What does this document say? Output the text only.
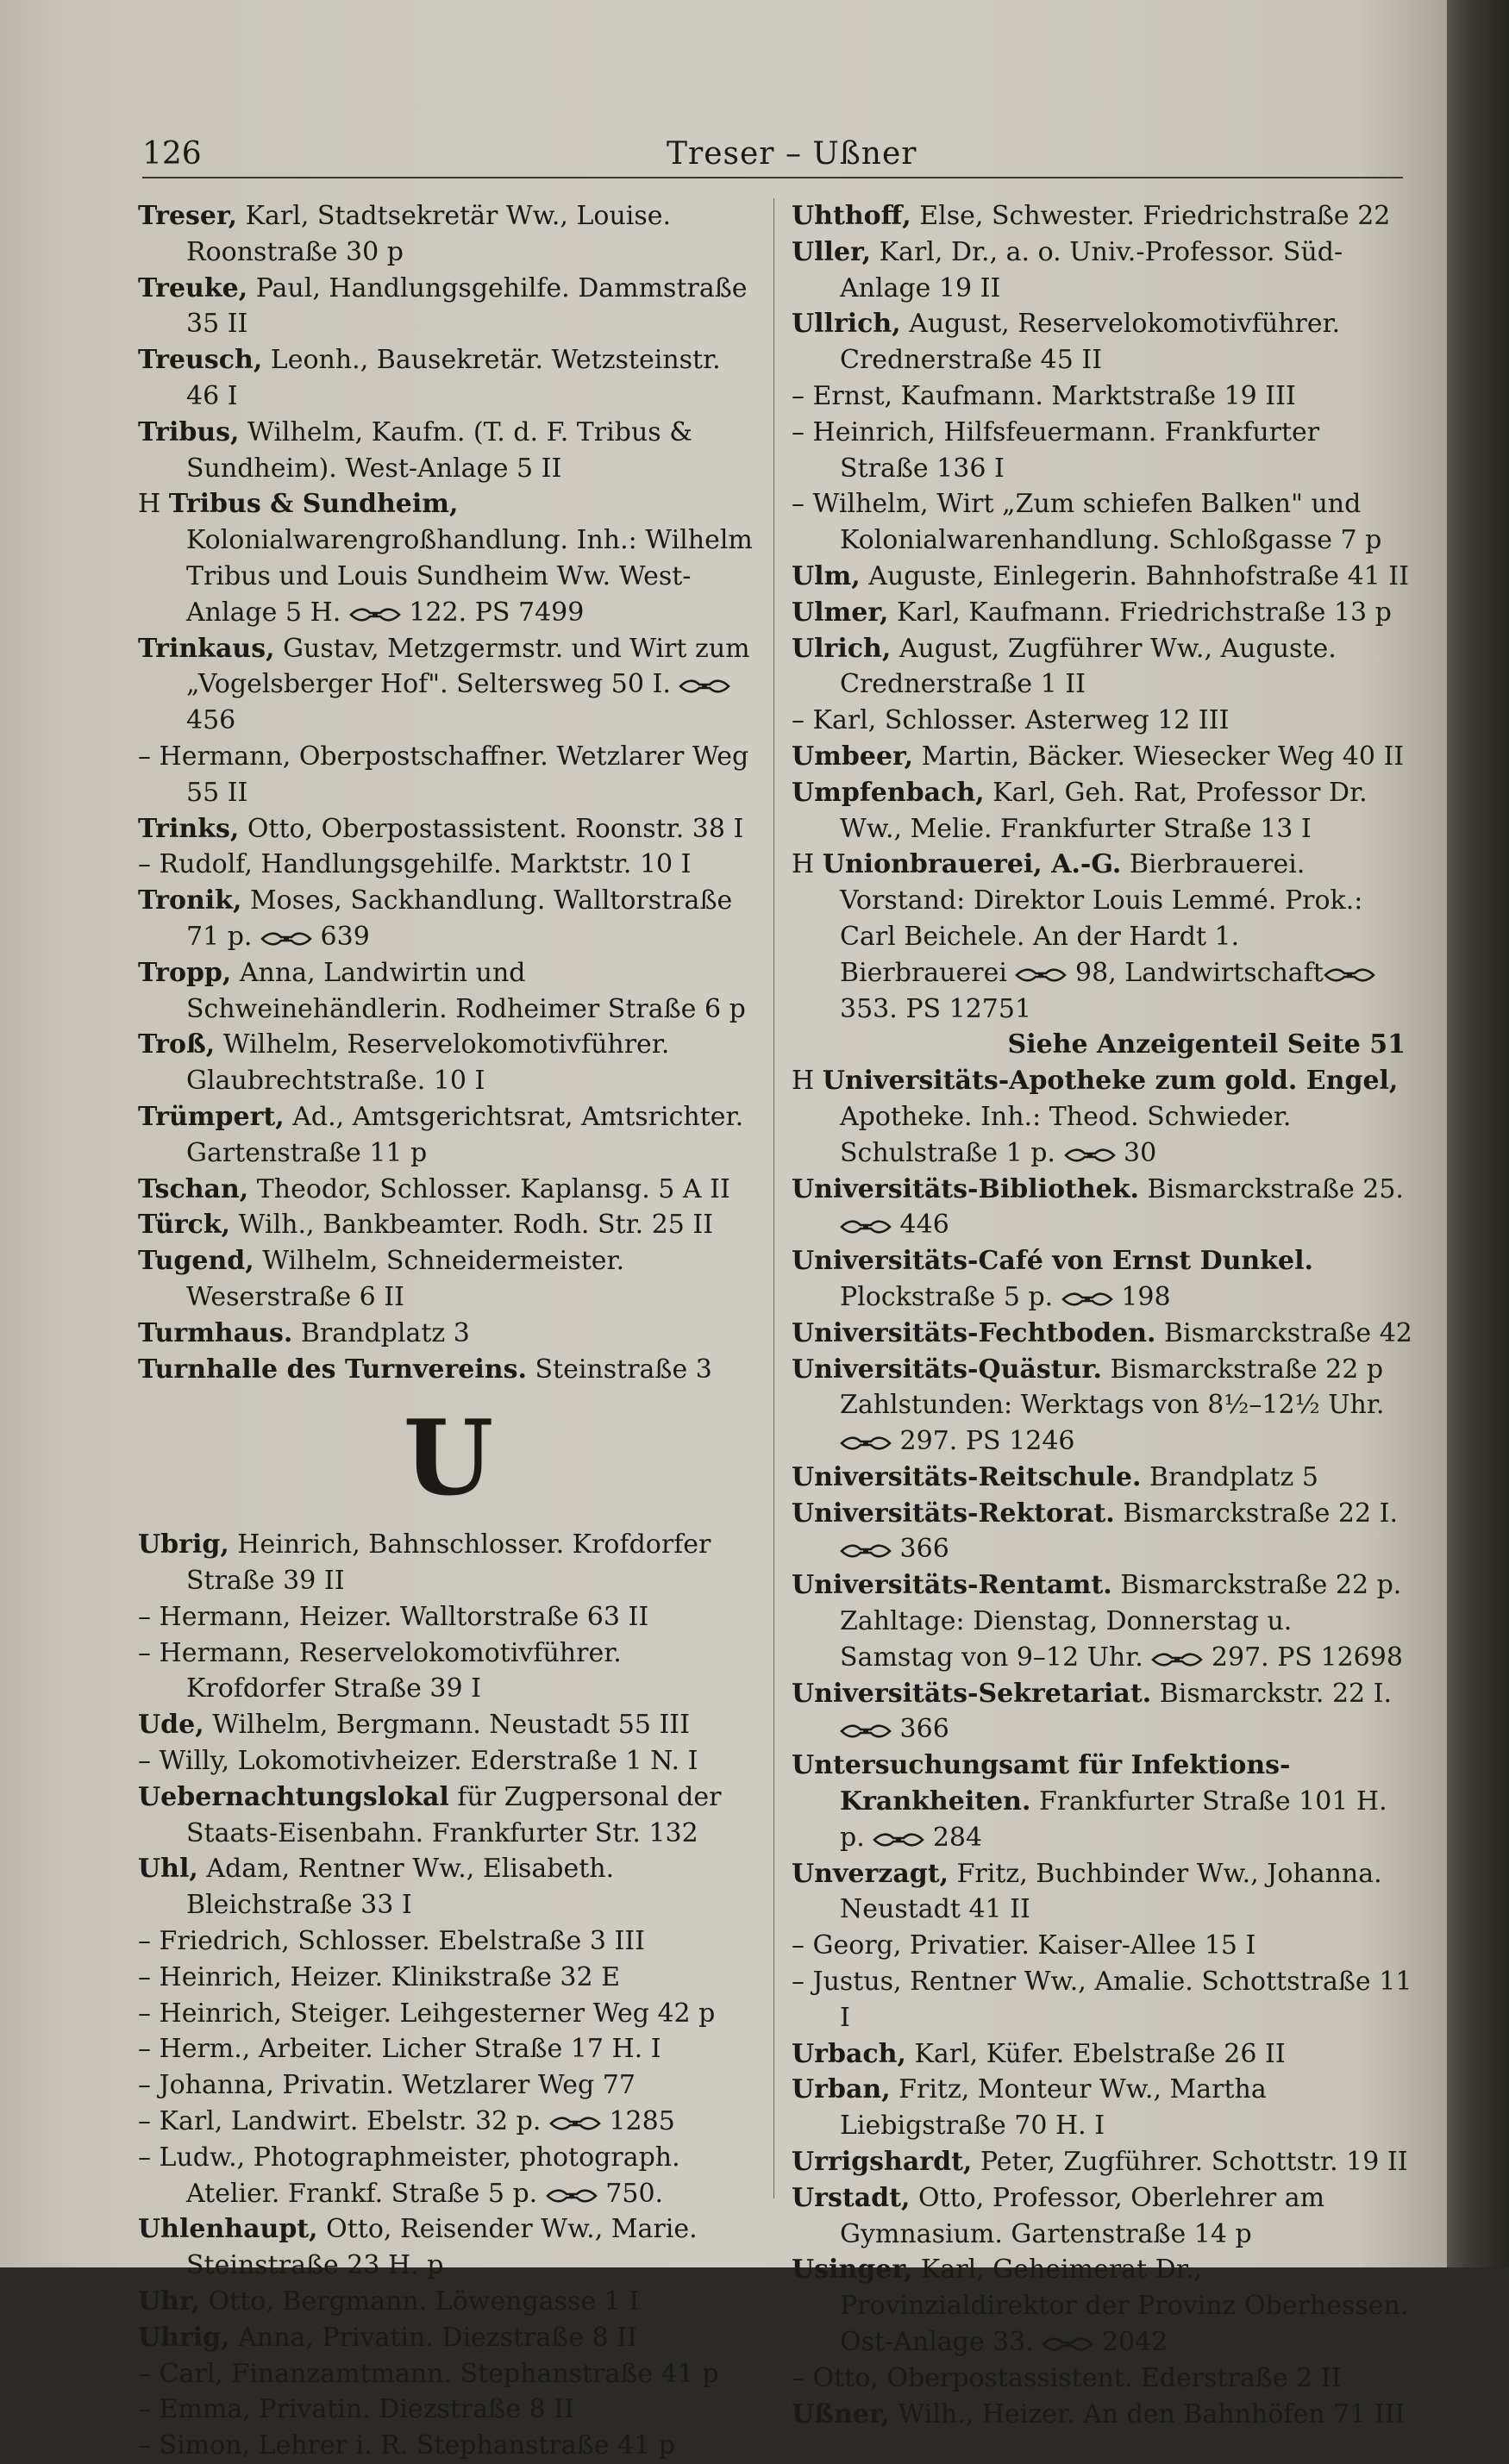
126	Treser – Ußner

Treser, Karl, Stadtsekretär Ww., Louise. Roonstraße 30 p

Treuke, Paul, Handlungsgehilfe. Dammstraße 35 II

Treusch, Leonh., Bausekretär. Wetzsteinstr. 46 I

Tribus, Wilhelm, Kaufm. (T. d. F. Tribus & Sundheim). West-Anlage 5 II

H Tribus & Sundheim, Kolonialwarengroßhandlung. Inh.: Wilhelm Tribus und Louis Sundheim Ww. West-Anlage 5 H.  122. PS 7499

Trinkaus, Gustav, Metzgermstr. und Wirt zum „Vogelsberger Hof". Seltersweg 50 I.  456

– Hermann, Oberpostschaffner. Wetzlarer Weg 55 II

Trinks, Otto, Oberpostassistent. Roonstr. 38 I

– Rudolf, Handlungsgehilfe. Marktstr. 10 I

Tronik, Moses, Sackhandlung. Walltorstraße 71 p.  639

Tropp, Anna, Landwirtin und Schweinehändlerin. Rodheimer Straße 6 p

Troß, Wilhelm, Reservelokomotivführer. Glaubrechtstraße. 10 I

Trümpert, Ad., Amtsgerichtsrat, Amtsrichter. Gartenstraße 11 p

Tschan, Theodor, Schlosser. Kaplansg. 5 A II

Türck, Wilh., Bankbeamter. Rodh. Str. 25 II

Tugend, Wilhelm, Schneidermeister. Weserstraße 6 II

Turmhaus. Brandplatz 3

Turnhalle des Turnvereins. Steinstraße 3

U

Ubrig, Heinrich, Bahnschlosser. Krofdorfer Straße 39 II

– Hermann, Heizer. Walltorstraße 63 II

– Hermann, Reservelokomotivführer. Krofdorfer Straße 39 I

Ude, Wilhelm, Bergmann. Neustadt 55 III

– Willy, Lokomotivheizer. Ederstraße 1 N. I

Uebernachtungslokal für Zugpersonal der Staats-Eisenbahn. Frankfurter Str. 132

Uhl, Adam, Rentner Ww., Elisabeth. Bleichstraße 33 I

– Friedrich, Schlosser. Ebelstraße 3 III

– Heinrich, Heizer. Klinikstraße 32 E

– Heinrich, Steiger. Leihgesterner Weg 42 p

– Herm., Arbeiter. Licher Straße 17 H. I

– Johanna, Privatin. Wetzlarer Weg 77

– Karl, Landwirt. Ebelstr. 32 p.  1285

– Ludw., Photographmeister, photograph. Atelier. Frankf. Straße 5 p.  750.

Uhlenhaupt, Otto, Reisender Ww., Marie. Steinstraße 23 H. p

Uhr, Otto, Bergmann. Löwengasse 1 I

Uhrig, Anna, Privatin. Diezstraße 8 II

– Carl, Finanzamtmann. Stephanstraße 41 p

– Emma, Privatin. Diezstraße 8 II

– Simon, Lehrer i. R. Stephanstraße 41 p

Uhthoff, Else, Schwester. Friedrichstraße 22

Uller, Karl, Dr., a. o. Univ.-Professor. Süd-Anlage 19 II

Ullrich, August, Reservelokomotivführer. Crednerstraße 45 II

– Ernst, Kaufmann. Marktstraße 19 III

– Heinrich, Hilfsfeuermann. Frankfurter Straße 136 I

– Wilhelm, Wirt „Zum schiefen Balken" und Kolonialwarenhandlung. Schloßgasse 7 p

Ulm, Auguste, Einlegerin. Bahnhofstraße 41 II

Ulmer, Karl, Kaufmann. Friedrichstraße 13 p

Ulrich, August, Zugführer Ww., Auguste. Crednerstraße 1 II

– Karl, Schlosser. Asterweg 12 III

Umbeer, Martin, Bäcker. Wiesecker Weg 40 II

Umpfenbach, Karl, Geh. Rat, Professor Dr. Ww., Melie. Frankfurter Straße 13 I

H Unionbrauerei, A.-G. Bierbrauerei. Vorstand: Direktor Louis Lemmé. Prok.: Carl Beichele. An der Hardt 1. Bierbrauerei  98, Landwirtschaft 353. PS 12751

Siehe Anzeigenteil Seite 51

H Universitäts-Apotheke zum gold. Engel, Apotheke. Inh.: Theod. Schwieder. Schulstraße 1 p.  30

Universitäts-Bibliothek. Bismarckstraße 25.  446

Universitäts-Café von Ernst Dunkel. Plockstraße 5 p.  198

Universitäts-Fechtboden. Bismarckstraße 42

Universitäts-Quästur. Bismarckstraße 22 p Zahlstunden: Werktags von 8½–12½ Uhr.  297. PS 1246

Universitäts-Reitschule. Brandplatz 5

Universitäts-Rektorat. Bismarckstraße 22 I.  366

Universitäts-Rentamt. Bismarckstraße 22 p. Zahltage: Dienstag, Donnerstag u. Samstag von 9–12 Uhr.  297. PS 12698

Universitäts-Sekretariat. Bismarckstr. 22 I.  366

Untersuchungsamt für Infektions-Krankheiten. Frankfurter Straße 101 H. p.  284

Unverzagt, Fritz, Buchbinder Ww., Johanna. Neustadt 41 II

– Georg, Privatier. Kaiser-Allee 15 I

– Justus, Rentner Ww., Amalie. Schottstraße 11 I

Urbach, Karl, Küfer. Ebelstraße 26 II

Urban, Fritz, Monteur Ww., Martha Liebigstraße 70 H. I

Urrigshardt, Peter, Zugführer. Schottstr. 19 II

Urstadt, Otto, Professor, Oberlehrer am Gymnasium. Gartenstraße 14 p

Usinger, Karl, Geheimerat Dr., Provinzialdirektor der Provinz Oberhessen. Ost-Anlage 33.  2042

– Otto, Oberpostassistent. Ederstraße 2 II

Ußner, Wilh., Heizer. An den Bahnhöfen 71 III
